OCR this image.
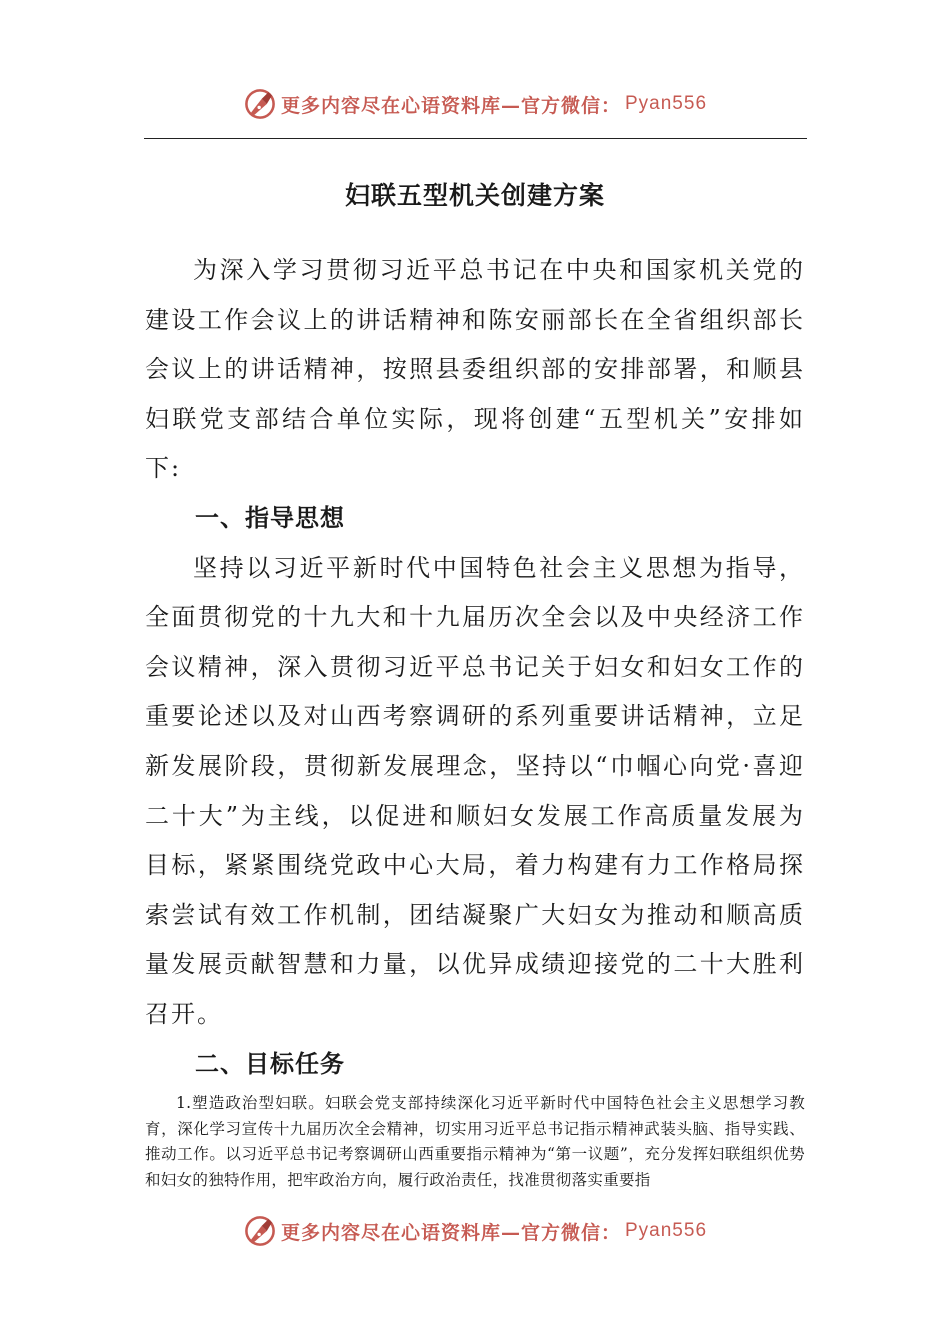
更多内容尽在心语资料库—官方微信： Pyan556
妇联五型机关创建方案

为深入学习贯彻习近平总书记在中央和国家机关党的建设工作会议上的讲话精神和陈安丽部长在全省组织部长会议上的讲话精神，按照县委组织部的安排部署，和顺县妇联党支部结合单位实际，现将创建“五型机关”安排如下:

一、指导思想

坚持以习近平新时代中国特色社会主义思想为指导，全面贯彻党的十九大和十九届历次全会以及中央经济工作会议精神，深入贯彻习近平总书记关于妇女和妇女工作的重要论述以及对山西考察调研的系列重要讲话精神，立足新发展阶段，贯彻新发展理念，坚持以“巾帼心向党·喜迎二十大”为主线，以促进和顺妇女发展工作高质量发展为目标，紧紧围绕党政中心大局，着力构建有力工作格局探索尝试有效工作机制，团结凝聚广大妇女为推动和顺高质量发展贡献智慧和力量，以优异成绩迎接党的二十大胜利召开。

二、目标任务

1.塑造政治型妇联。妇联会党支部持续深化习近平新时代中国特色社会主义思想学习教育，深化学习宣传十九届历次全会精神，切实用习近平总书记指示精神武装头脑、指导实践、推动工作。以习近平总书记考察调研山西重要指示精神为“第一议题”，充分发挥妇联组织优势和妇女的独特作用，把牢政治方向，履行政治责任，找准贯彻落实重要指

更多内容尽在心语资料库—官方微信： Pyan556
